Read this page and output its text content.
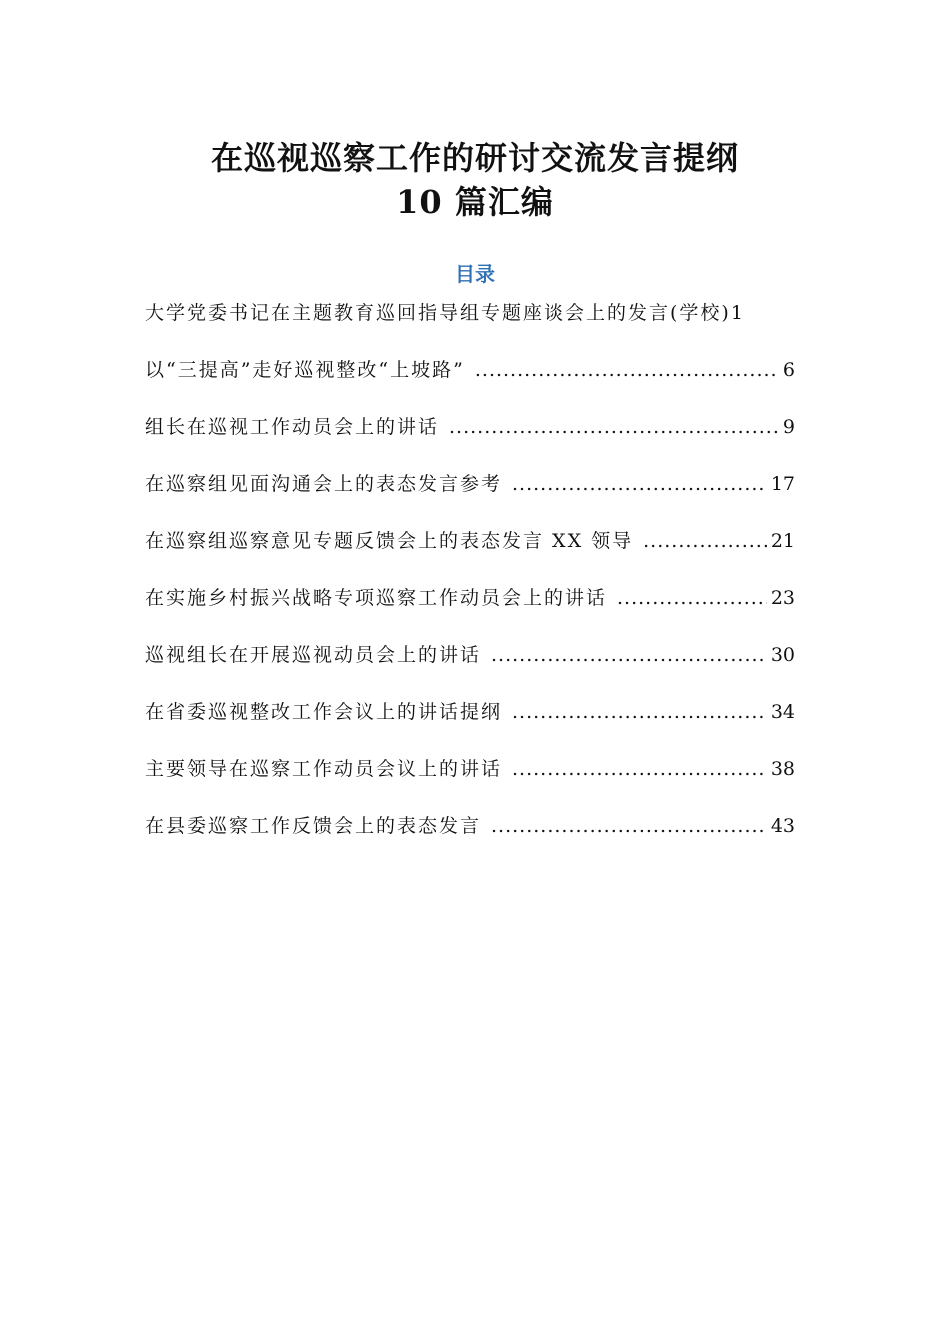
在巡视巡察工作的研讨交流发言提纲
10 篇汇编
目录
大学党委书记在主题教育巡回指导组专题座谈会上的发言(学校) 1
以“三提高”走好巡视整改“上坡路” .....	6
组长在巡视工作动员会上的讲话 .....	9
在巡察组见面沟通会上的表态发言参考 .....	17
在巡察组巡察意见专题反馈会上的表态发言 XX 领导 .....	21
在实施乡村振兴战略专项巡察工作动员会上的讲话 .....	23
巡视组长在开展巡视动员会上的讲话 .....	30
在省委巡视整改工作会议上的讲话提纲 .....	34
主要领导在巡察工作动员会议上的讲话 .....	38
在县委巡察工作反馈会上的表态发言 .....	43
